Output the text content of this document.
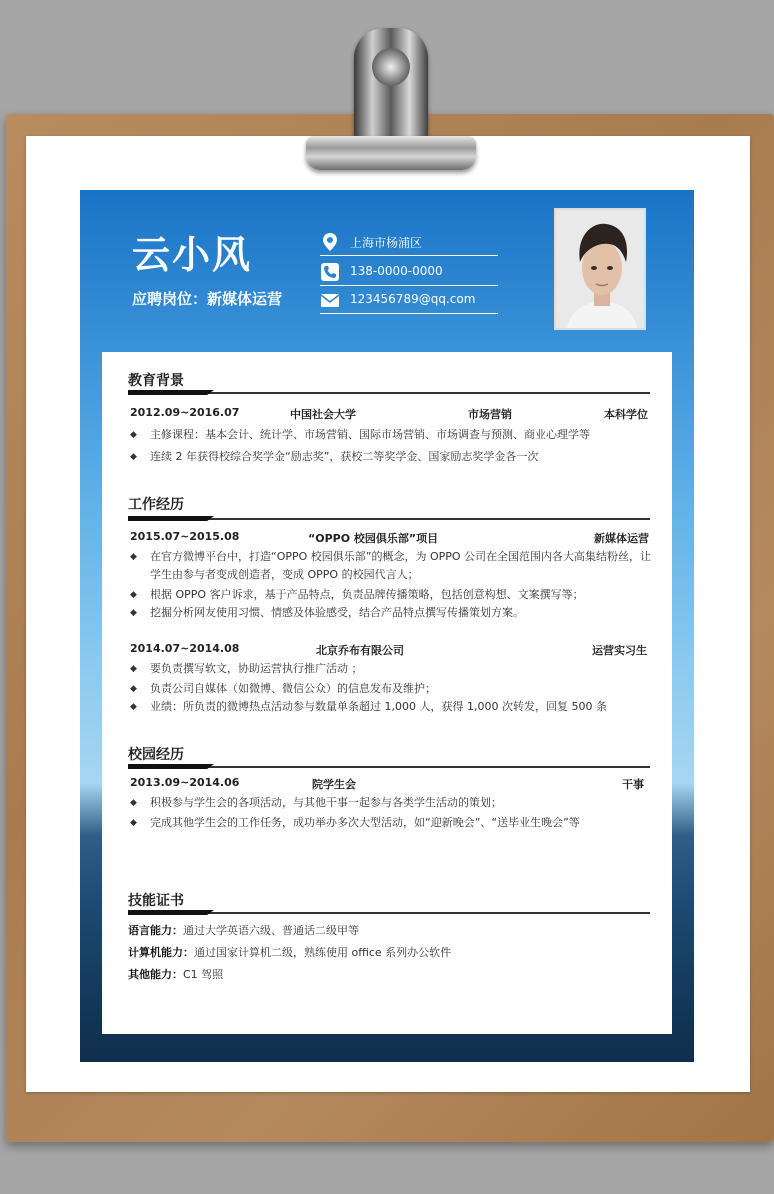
云小风
应聘岗位：新媒体运营
上海市杨浦区
138-0000-0000
123456789@qq.com
教育背景
2012.09~2016.07	中国社会大学	市场营销	本科学位
◆ 主修课程：基本会计、统计学、市场营销、国际市场营销、市场调查与预测、商业心理学等
◆ 连续 2 年获得校综合奖学金“励志奖”，获校二等奖学金、国家励志奖学金各一次
工作经历
2015.07~2015.08	“OPPO 校园俱乐部”项目	新媒体运营
◆ 在官方微博平台中，打造“OPPO 校园俱乐部”的概念，为 OPPO 公司在全国范围内各大高集结粉丝，让学生由参与者变成创造者，变成 OPPO 的校园代言人；
◆ 根据 OPPO 客户诉求，基于产品特点，负责品牌传播策略，包括创意构想、文案撰写等；
◆ 挖掘分析网友使用习惯、情感及体验感受，结合产品特点撰写传播策划方案。
2014.07~2014.08	北京乔布有限公司	运营实习生
◆ 要负责撰写软文，协助运营执行推广活动 ；
◆ 负责公司自媒体（如微博、微信公众）的信息发布及维护；
◆ 业绩：所负责的微博热点活动参与数量单条超过 1,000 人，获得 1,000 次转发，回复 500 条
校园经历
2013.09~2014.06	院学生会	干事
◆ 积极参与学生会的各项活动，与其他干事一起参与各类学生活动的策划；
◆ 完成其他学生会的工作任务，成功举办多次大型活动，如“迎新晚会”、“送毕业生晚会”等
技能证书
语言能力：通过大学英语六级、普通话二级甲等
计算机能力：通过国家计算机二级，熟练使用 office 系列办公软件
其他能力：C1 驾照
